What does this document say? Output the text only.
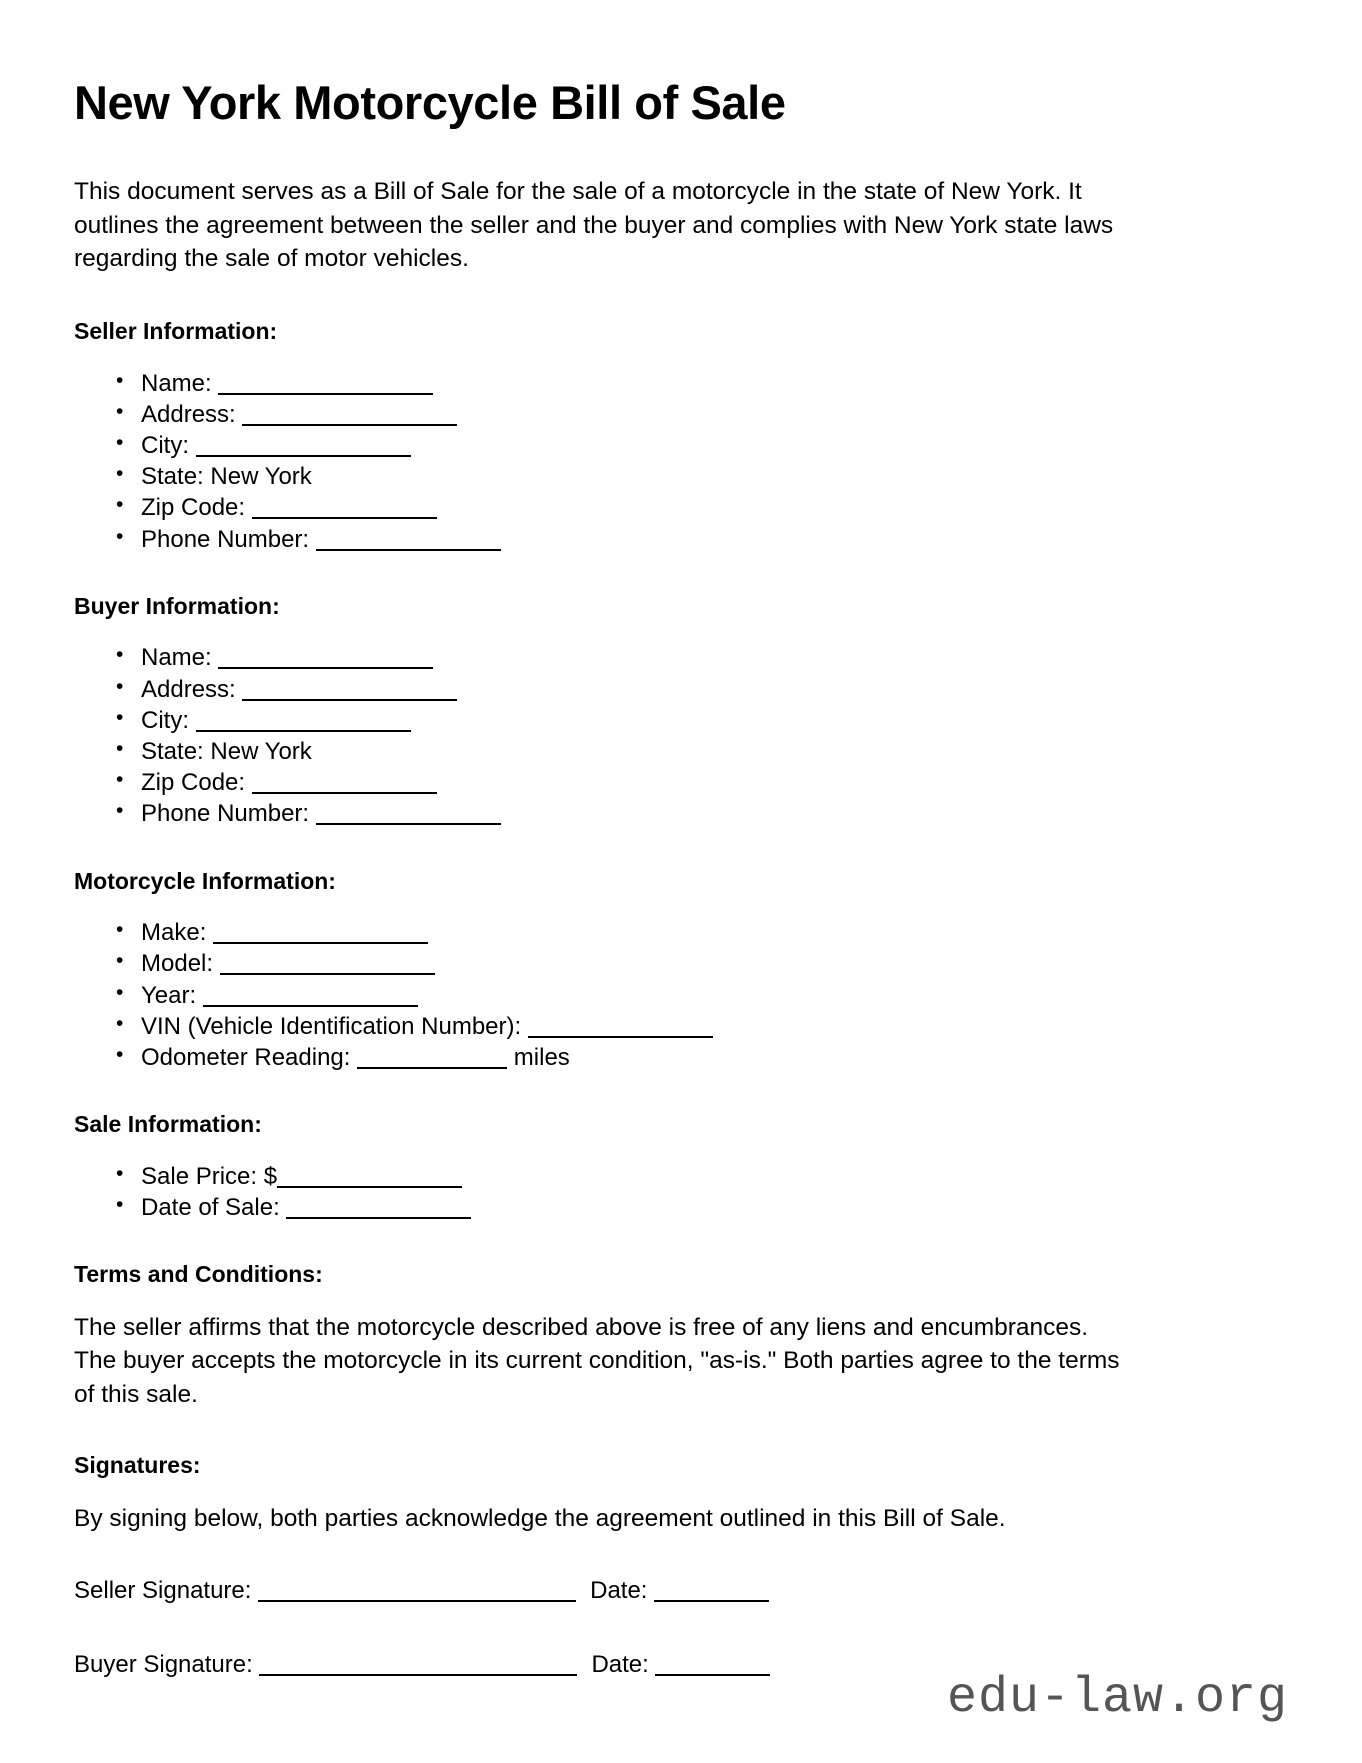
New York Motorcycle Bill of Sale

This document serves as a Bill of Sale for the sale of a motorcycle in the state of New York. It outlines the agreement between the seller and the buyer and complies with New York state laws regarding the sale of motor vehicles.

Seller Information:
• Name:
• Address:
• City:
• State: New York
• Zip Code:
• Phone Number:
Buyer Information:
• Name:
• Address:
• City:
• State: New York
• Zip Code:
• Phone Number:
Motorcycle Information:
• Make:
• Model:
• Year:
• VIN (Vehicle Identification Number):
• Odometer Reading:	miles
Sale Information:
• Sale Price: $
• Date of Sale:
Terms and Conditions:

The seller affirms that the motorcycle described above is free of any liens and encumbrances. The buyer accepts the motorcycle in its current condition, "as-is." Both parties agree to the terms of this sale.

Signatures:

By signing below, both parties acknowledge the agreement outlined in this Bill of Sale.

Seller Signature:	Date:
Buyer Signature:	Date:
edu-law.org
